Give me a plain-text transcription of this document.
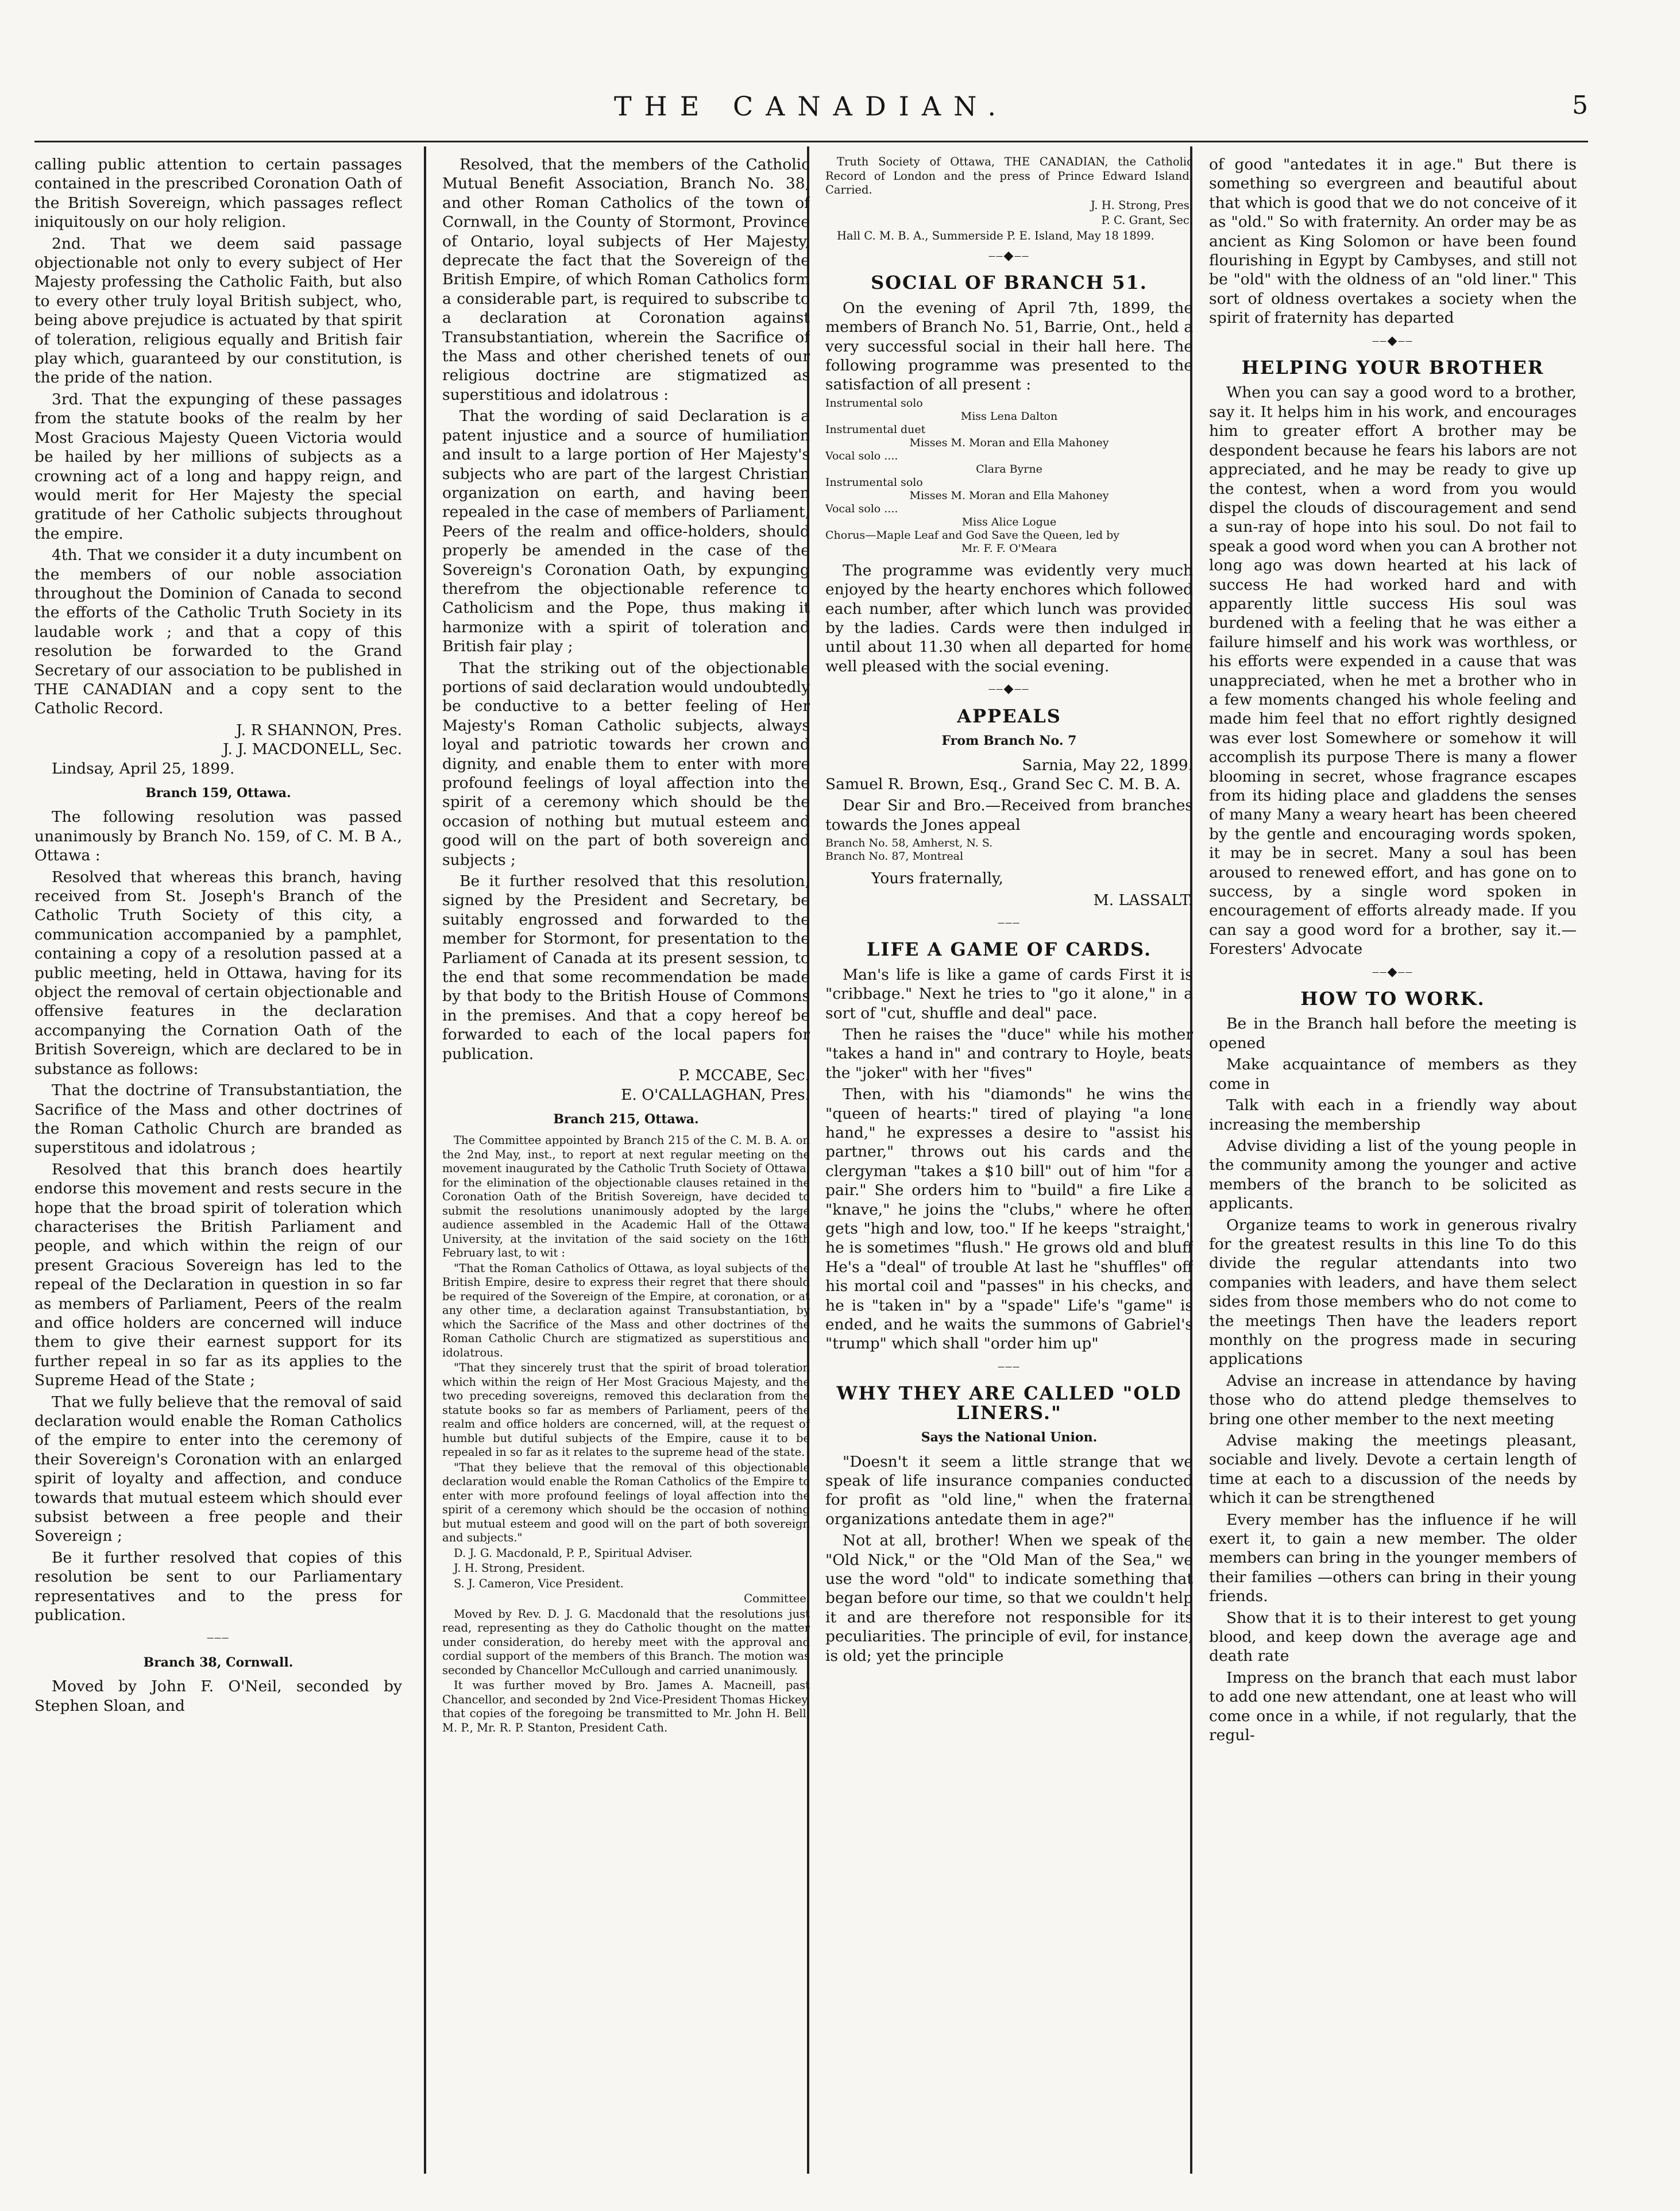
THE CANADIAN.	5

calling public attention to certain passages contained in the prescribed Coronation Oath of the British Sovereign, which passages reflect iniquitously on our holy religion.

2nd. That we deem said passage objectionable not only to every subject of Her Majesty professing the Catholic Faith, but also to every other truly loyal British subject, who, being above prejudice is actuated by that spirit of toleration, religious equally and British fair play which, guaranteed by our constitution, is the pride of the nation.

3rd. That the expunging of these passages from the statute books of the realm by her Most Gracious Majesty Queen Victoria would be hailed by her millions of subjects as a crowning act of a long and happy reign, and would merit for Her Majesty the special gratitude of her Catholic subjects throughout the empire.

4th. That we consider it a duty incumbent on the members of our noble association throughout the Dominion of Canada to second the efforts of the Catholic Truth Society in its laudable work ; and that a copy of this resolution be forwarded to the Grand Secretary of our association to be published in THE CANADIAN and a copy sent to the Catholic Record.

J. R SHANNON, Pres.

J. J. MACDONELL, Sec.

Lindsay, April 25, 1899.

Branch 159, Ottawa.

The following resolution was passed unanimously by Branch No. 159, of C. M. B A., Ottawa :

Resolved that whereas this branch, having received from St. Joseph's Branch of the Catholic Truth Society of this city, a communication accompanied by a pamphlet, containing a copy of a resolution passed at a public meeting, held in Ottawa, having for its object the removal of certain objectionable and offensive features in the declaration accompanying the Cornation Oath of the British Sovereign, which are declared to be in substance as follows:

That the doctrine of Transubstantiation, the Sacrifice of the Mass and other doctrines of the Roman Catholic Church are branded as superstitous and idolatrous ;

Resolved that this branch does heartily endorse this movement and rests secure in the hope that the broad spirit of toleration which characterises the British Parliament and people, and which within the reign of our present Gracious Sovereign has led to the repeal of the Declaration in question in so far as members of Parliament, Peers of the realm and office holders are concerned will induce them to give their earnest support for its further repeal in so far as its applies to the Supreme Head of the State ;

That we fully believe that the removal of said declaration would enable the Roman Catholics of the empire to enter into the ceremony of their Sovereign's Coronation with an enlarged spirit of loyalty and affection, and conduce towards that mutual esteem which should ever subsist between a free people and their Sovereign ;

Be it further resolved that copies of this resolution be sent to our Parliamentary representatives and to the press for publication.

⎯⎯⎯
Branch 38, Cornwall.

Moved by John F. O'Neil, seconded by Stephen Sloan, and

Resolved, that the members of the Catholic Mutual Benefit Association, Branch No. 38, and other Roman Catholics of the town of Cornwall, in the County of Stormont, Province of Ontario, loyal subjects of Her Majesty, deprecate the fact that the Sovereign of the British Empire, of which Roman Catholics form a considerable part, is required to subscribe to a declaration at Coronation against Transubstantiation, wherein the Sacrifice of the Mass and other cherished tenets of our religious doctrine are stigmatized as superstitious and idolatrous :

That the wording of said Declaration is a patent injustice and a source of humiliation and insult to a large portion of Her Majesty's subjects who are part of the largest Christian organization on earth, and having been repealed in the case of members of Parliament, Peers of the realm and office-holders, should properly be amended in the case of the Sovereign's Coronation Oath, by expunging therefrom the objectionable reference to Catholicism and the Pope, thus making it harmonize with a spirit of toleration and British fair play ;

That the striking out of the objectionable portions of said declaration would undoubtedly be conductive to a better feeling of Her Majesty's Roman Catholic subjects, always loyal and patriotic towards her crown and dignity, and enable them to enter with more profound feelings of loyal affection into the spirit of a ceremony which should be the occasion of nothing but mutual esteem and good will on the part of both sovereign and subjects ;

Be it further resolved that this resolution, signed by the President and Secretary, be suitably engrossed and forwarded to the member for Stormont, for presentation to the Parliament of Canada at its present session, to the end that some recommendation be made by that body to the British House of Commons in the premises. And that a copy hereof be forwarded to each of the local papers for publication.

P. MCCABE, Sec.

E. O'CALLAGHAN, Pres.

Branch 215, Ottawa.

The Committee appointed by Branch 215 of the C. M. B. A. on the 2nd May, inst., to report at next regular meeting on the movement inaugurated by the Catholic Truth Society of Ottawa, for the elimination of the objectionable clauses retained in the Coronation Oath of the British Sovereign, have decided to submit the resolutions unanimously adopted by the large audience assembled in the Academic Hall of the Ottawa University, at the invitation of the said society on the 16th February last, to wit :

"That the Roman Catholics of Ottawa, as loyal subjects of the British Empire, desire to express their regret that there should be required of the Sovereign of the Empire, at coronation, or at any other time, a declaration against Transubstantiation, by which the Sacrifice of the Mass and other doctrines of the Roman Catholic Church are stigmatized as superstitious and idolatrous.

"That they sincerely trust that the spirit of broad toleration which within the reign of Her Most Gracious Majesty, and the two preceding sovereigns, removed this declaration from the statute books so far as members of Parliament, peers of the realm and office holders are concerned, will, at the request of humble but dutiful subjects of the Empire, cause it to be repealed in so far as it relates to the supreme head of the state.

"That they believe that the removal of this objectionable declaration would enable the Roman Catholics of the Empire to enter with more profound feelings of loyal affection into the spirit of a ceremony which should be the occasion of nothing but mutual esteem and good will on the part of both sovereign and subjects."

D. J. G. Macdonald, P. P., Spiritual Adviser.

J. H. Strong, President.

S. J. Cameron, Vice President.

Committee.

Moved by Rev. D. J. G. Macdonald that the resolutions just read, representing as they do Catholic thought on the matter under consideration, do hereby meet with the approval and cordial support of the members of this Branch. The motion was seconded by Chancellor McCullough and carried unanimously.

It was further moved by Bro. James A. Macneill, past Chancellor, and seconded by 2nd Vice-President Thomas Hickey, that copies of the foregoing be transmitted to Mr. John H. Bell, M. P., Mr. R. P. Stanton, President Cath.

Truth Society of Ottawa, THE CANADIAN, the Catholic Record of London and the press of Prince Edward Island. Carried.

J. H. Strong, Pres.

P. C. Grant, Sec.

Hall C. M. B. A., Summerside P. E. Island, May 18 1899.

⎯⎯◆⎯⎯
SOCIAL OF BRANCH 51.

On the evening of April 7th, 1899, the members of Branch No. 51, Barrie, Ont., held a very successful social in their hall here. The following programme was presented to the satisfaction of all present :

Instrumental solo
Miss Lena Dalton
Instrumental duet
Misses M. Moran and Ella Mahoney
Vocal solo ....
Clara Byrne
Instrumental solo
Misses M. Moran and Ella Mahoney
Vocal solo ....
Miss Alice Logue
Chorus—Maple Leaf and God Save the Queen, led by
Mr. F. F. O'Meara

The programme was evidently very much enjoyed by the hearty enchores which followed each number, after which lunch was provided by the ladies. Cards were then indulged in until about 11.30 when all departed for home well pleased with the social evening.

⎯⎯◆⎯⎯
APPEALS
From Branch No. 7

Sarnia, May 22, 1899.

Samuel R. Brown, Esq., Grand Sec C. M. B. A.

Dear Sir and Bro.—Received from branches towards the Jones appeal

Branch No. 58, Amherst, N. S.
Branch No. 87, Montreal

Yours fraternally,

M. LASSALT.

⎯⎯⎯
LIFE A GAME OF CARDS.

Man's life is like a game of cards First it is "cribbage." Next he tries to "go it alone," in a sort of "cut, shuffle and deal" pace.

Then he raises the "duce" while his mother "takes a hand in" and contrary to Hoyle, beats the "joker" with her "fives"

Then, with his "diamonds" he wins the "queen of hearts:" tired of playing "a lone hand," he expresses a desire to "assist his partner," throws out his cards and the clergyman "takes a $10 bill" out of him "for a pair." She orders him to "build" a fire Like a "knave," he joins the "clubs," where he often gets "high and low, too." If he keeps "straight," he is sometimes "flush." He grows old and bluff He's a "deal" of trouble At last he "shuffles" off his mortal coil and "passes" in his checks, and he is "taken in" by a "spade" Life's "game" is ended, and he waits the summons of Gabriel's "trump" which shall "order him up"

⎯⎯⎯
WHY THEY ARE CALLED "OLD LINERS."
Says the National Union.

"Doesn't it seem a little strange that we speak of life insurance companies conducted for profit as "old line," when the fraternal organizations antedate them in age?"

Not at all, brother! When we speak of the "Old Nick," or the "Old Man of the Sea," we use the word "old" to indicate something that began before our time, so that we couldn't help it and are therefore not responsible for its peculiarities. The principle of evil, for instance, is old; yet the principle

of good "antedates it in age." But there is something so evergreen and beautiful about that which is good that we do not conceive of it as "old." So with fraternity. An order may be as ancient as King Solomon or have been found flourishing in Egypt by Cambyses, and still not be "old" with the oldness of an "old liner." This sort of oldness overtakes a society when the spirit of fraternity has departed

⎯⎯◆⎯⎯
HELPING YOUR BROTHER

When you can say a good word to a brother, say it. It helps him in his work, and encourages him to greater effort A brother may be despondent because he fears his labors are not appreciated, and he may be ready to give up the contest, when a word from you would dispel the clouds of discouragement and send a sun-ray of hope into his soul. Do not fail to speak a good word when you can A brother not long ago was down hearted at his lack of success He had worked hard and with apparently little success His soul was burdened with a feeling that he was either a failure himself and his work was worthless, or his efforts were expended in a cause that was unappreciated, when he met a brother who in a few moments changed his whole feeling and made him feel that no effort rightly designed was ever lost Somewhere or somehow it will accomplish its purpose There is many a flower blooming in secret, whose fragrance escapes from its hiding place and gladdens the senses of many Many a weary heart has been cheered by the gentle and encouraging words spoken, it may be in secret. Many a soul has been aroused to renewed effort, and has gone on to success, by a single word spoken in encouragement of efforts already made. If you can say a good word for a brother, say it.—Foresters' Advocate

⎯⎯◆⎯⎯
HOW TO WORK.

Be in the Branch hall before the meeting is opened

Make acquaintance of members as they come in

Talk with each in a friendly way about increasing the membership

Advise dividing a list of the young people in the community among the younger and active members of the branch to be solicited as applicants.

Organize teams to work in generous rivalry for the greatest results in this line To do this divide the regular attendants into two companies with leaders, and have them select sides from those members who do not come to the meetings Then have the leaders report monthly on the progress made in securing applications

Advise an increase in attendance by having those who do attend pledge themselves to bring one other member to the next meeting

Advise making the meetings pleasant, sociable and lively. Devote a certain length of time at each to a discussion of the needs by which it can be strengthened

Every member has the influence if he will exert it, to gain a new member. The older members can bring in the younger members of their families —others can bring in their young friends.

Show that it is to their interest to get young blood, and keep down the average age and death rate

Impress on the branch that each must labor to add one new attendant, one at least who will come once in a while, if not regularly, that the regul-
